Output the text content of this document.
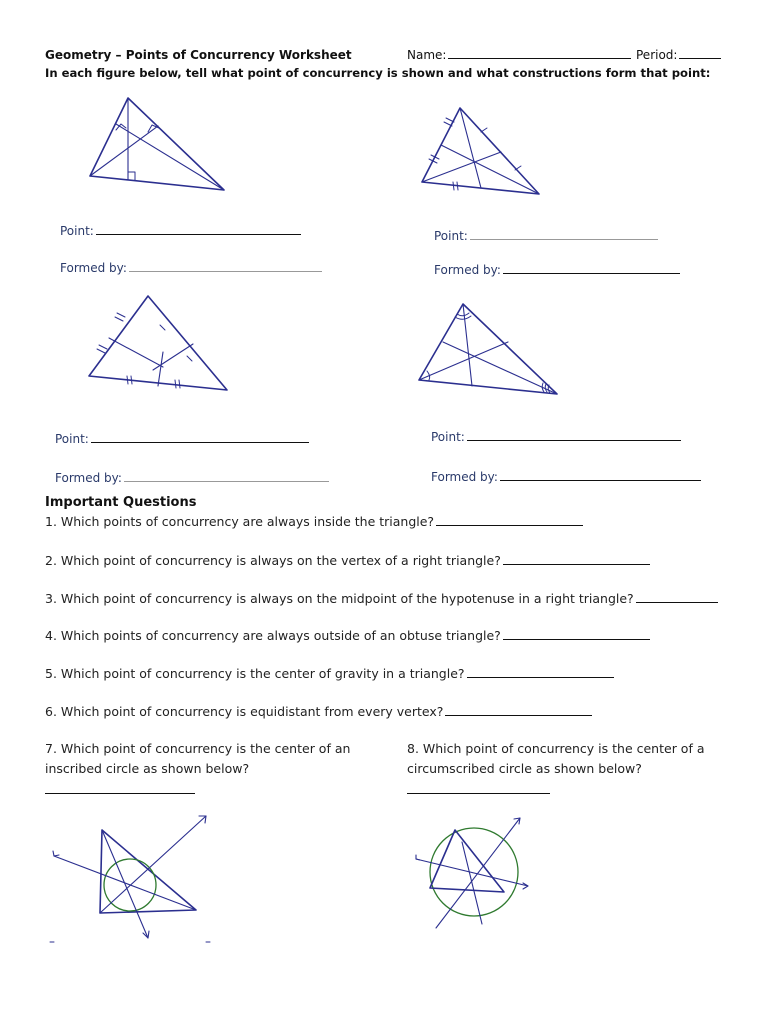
Geometry – Points of Concurrency Worksheet	Name:	Period:
In each figure below, tell what point of concurrency is shown and what constructions form that point:
Point:
Formed by:
Point:
Formed by:
Point:
Formed by:
Point:
Formed by:
Important Questions
1. Which points of concurrency are always inside the triangle?
2. Which point of concurrency is always on the vertex of a right triangle?
3. Which point of concurrency is always on the midpoint of the hypotenuse in a right triangle?
4. Which points of concurrency are always outside of an obtuse triangle?
5. Which point of concurrency is the center of gravity in a triangle?
6. Which point of concurrency is equidistant from every vertex?
7. Which point of concurrency is the center of an
inscribed circle as shown below?
8. Which point of concurrency is the center of a
circumscribed circle as shown below?
